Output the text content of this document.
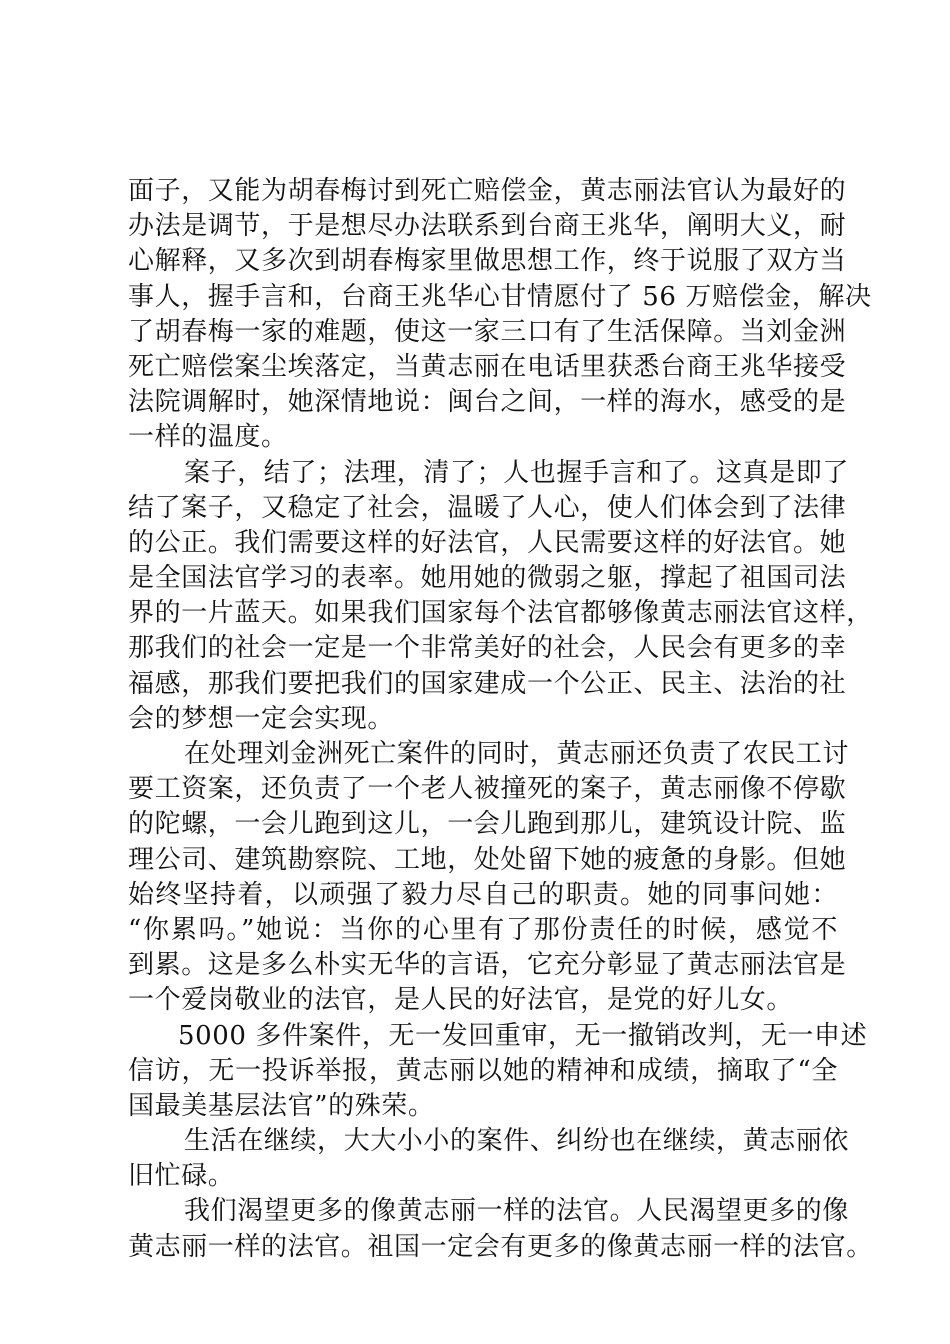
面子，又能为胡春梅讨到死亡赔偿金，黄志丽法官认为最好的
办法是调节，于是想尽办法联系到台商王兆华，阐明大义，耐
心解释，又多次到胡春梅家里做思想工作，终于说服了双方当
事人，握手言和，台商王兆华心甘情愿付了 56 万赔偿金，解决
了胡春梅一家的难题，使这一家三口有了生活保障。当刘金洲
死亡赔偿案尘埃落定，当黄志丽在电话里获悉台商王兆华接受
法院调解时，她深情地说：闽台之间，一样的海水，感受的是
一样的温度。
案子，结了；法理，清了；人也握手言和了。这真是即了
结了案子，又稳定了社会，温暖了人心，使人们体会到了法律
的公正。我们需要这样的好法官，人民需要这样的好法官。她
是全国法官学习的表率。她用她的微弱之躯，撑起了祖国司法
界的一片蓝天。如果我们国家每个法官都够像黄志丽法官这样，
那我们的社会一定是一个非常美好的社会，人民会有更多的幸
福感，那我们要把我们的国家建成一个公正、民主、法治的社
会的梦想一定会实现。
在处理刘金洲死亡案件的同时，黄志丽还负责了农民工讨
要工资案，还负责了一个老人被撞死的案子，黄志丽像不停歇
的陀螺，一会儿跑到这儿，一会儿跑到那儿，建筑设计院、监
理公司、建筑勘察院、工地，处处留下她的疲惫的身影。但她
始终坚持着，以顽强了毅力尽自己的职责。她的同事问她：
“你累吗。”她说：当你的心里有了那份责任的时候，感觉不
到累。这是多么朴实无华的言语，它充分彰显了黄志丽法官是
一个爱岗敬业的法官，是人民的好法官，是党的好儿女。
5000 多件案件，无一发回重审，无一撤销改判，无一申述
信访，无一投诉举报，黄志丽以她的精神和成绩，摘取了“全
国最美基层法官”的殊荣。
生活在继续，大大小小的案件、纠纷也在继续，黄志丽依
旧忙碌。
我们渴望更多的像黄志丽一样的法官。人民渴望更多的像
黄志丽一样的法官。祖国一定会有更多的像黄志丽一样的法官。
